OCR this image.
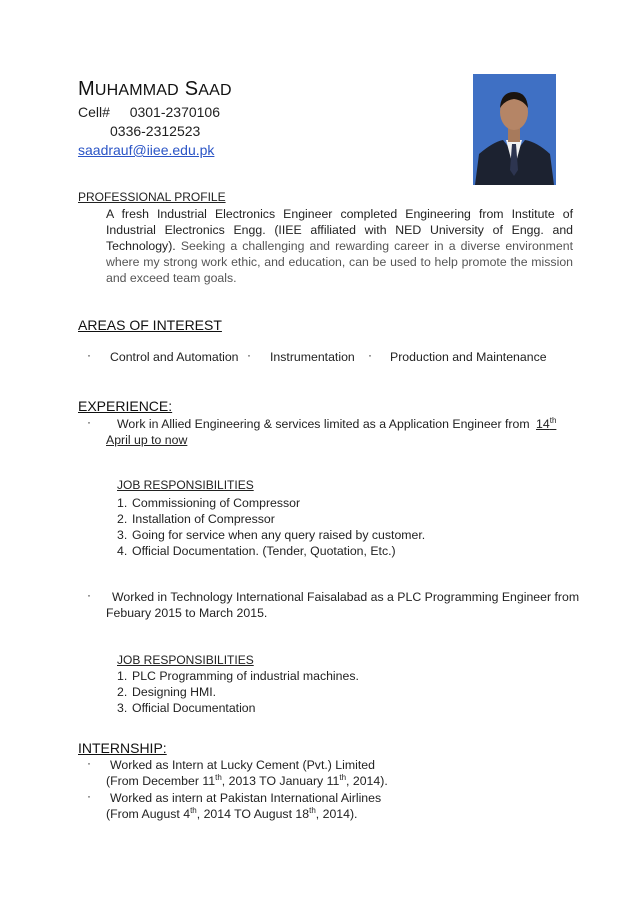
MUHAMMAD SAAD
Cell# 0301-2370106
0336-2312523
saadrauf@iiee.edu.pk
PROFESSIONAL PROFILE
A fresh Industrial Electronics Engineer completed Engineering from Institute of Industrial Electronics Engg. (IIEE affiliated with NED University of Engg. and Technology). Seeking a challenging and rewarding career in a diverse environment where my strong work ethic, and education, can be used to help promote the mission and exceed team goals.
AREAS OF INTEREST
· Control and Automation · Instrumentation · Production and Maintenance
EXPERIENCE:
· Work in Allied Engineering & services limited as a Application Engineer from 14th
April up to now
JOB RESPONSIBILITIES
1. Commissioning of Compressor
2. Installation of Compressor
3. Going for service when any query raised by customer.
4. Official Documentation. (Tender, Quotation, Etc.)
· Worked in Technology International Faisalabad as a PLC Programming Engineer from
Febuary 2015 to March 2015.
JOB RESPONSIBILITIES
1. PLC Programming of industrial machines.
2. Designing HMI.
3. Official Documentation
INTERNSHIP:
· Worked as Intern at Lucky Cement (Pvt.) Limited
(From December 11th, 2013 TO January 11th, 2014).
· Worked as intern at Pakistan International Airlines
(From August 4th, 2014 TO August 18th, 2014).
